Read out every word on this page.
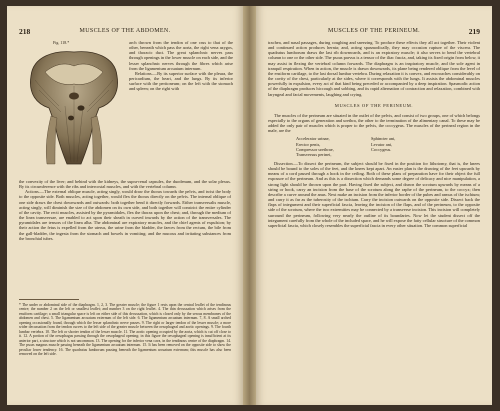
218	MUSCLES OF THE ABDOMEN.
Fig. 118.*	arch thrown from the tendon of one crus to that of the other, beneath which pass the aorta, the right vena azygos, and thoracic duct. The great splanchnic nerves pass through openings in the lower muscle on each side, and the lesser splanchnic nerves through the fibres which arise from the ligamentum arcuatum internum.

Relations.—By its superior surface with the pleura, the pericardium, the heart, and the lungs. By its inferior surface with the peritoneum; on the left with the stomach and spleen; on the right with

the convexity of the liver; and behind with the kidneys, the supra-renal capsules, the duodenum, and the solar plexus. By its circumference with the ribs and intercostal muscles, and with the vertebral column.

Actions.—The external oblique muscle, acting singly, would draw the thorax towards the pelvis, and twist the body to the opposite side. Both muscles, acting together, would flex the thorax directly on the pelvis. The internal oblique of one side draws the chest downwards and outwards: both together bend it directly forwards. Either transversalis muscle, acting singly, will diminish the size of the abdomen on its own side, and both together will constrict the entire cylinder of the cavity. The recti muscles, assisted by the pyramidales, flex the thorax upon the chest; and, through the medium of the linea transversae, are enabled to act upon their sheath in curved inwards by the action of the transversales. The pyramidales are tensors of the linea alba. The abdominal are expiratory muscles, and the chief agents of expulsion; by their action the fetus is expelled from the uterus, the urine from the bladder, the faeces from the rectum, the bile from the gall-bladder, the ingesta from the stomach and bowels in vomiting; and the mucous and irritating substances from the bronchial tubes.

* The under or abdominal side of the diaphragm. 1, 2, 3. The greater muscle; the figure 1 rests upon the central leaflet of the tendinous centre; the number 2 on the left or smallest leaflet; and number 3 on the right leaflet. 4. The thin decussation which arises from the ensiform cartilage; a small triangular space is left on either side of this decussation, which is closed only by the serous membranes of the abdomen and chest. 5. The ligamentum arcuatum externum of the left side. 6. The ligamentum arcuatum internum. 7, 8. A small arched opening occasionally found, through which the lesser splanchnic nerve passes. 9. The right or larger tendon of the lesser muscle; a more wider decussation from the tendon curves to the left side of the greater muscle between the oesophageal and aortic openings. 9. The fourth lumbar vertebra. 10. The left or shorter tendon of the lesser muscle. 11. The aortic opening occupied by the aorta, which is cut off close to it. 12. A portion of the oesophagus passing through the oesophageal opening; in this figure the oesophageal opening is insufficient at its anterior part, a structure which is not uncommon. 13. The opening for the inferior vena cava, in the tendinous centre of the diaphragm. 14. The psoas magnus muscle passing beneath the ligamentum arcuatum internum. 15. It has been removed on the opposite side to show the peculiar lower tendency. 16. The quadratus lumborum passing beneath the ligamentum arcuatum externum; this muscle has also been removed on the left side.

MUSCLES OF THE PERINEUM.	219

trachea, and nasal passages, during coughing and sneezing. To produce these effects they all act together. Their violent and continued action produces hernia; and, acting spasmodically, they may occasion rupture of the viscera. The quadratus lumborum draws the last rib downwards, and is an expiratory muscle; it also serves to bend the vertebral column to one or the other side. The psoas parvus is a tensor of the iliac fascia, and, taking its fixed origin from below, it may assist in flexing the vertebral column forwards. The diaphragm is an inspiratory muscle, and the sole agent in tranquil respiration. When in action, the muscle is drawn downwards, its plane being rendered oblique from the level of the ensiform cartilage, to the last dorsal lumbar vertebra. During relaxation it is convex, and encroaches considerably on the cavity of the chest, particularly at the sides, where it corresponds with the lungs. It assists the abdominal muscles powerfully in expulsion, every act of that kind being preceded or accompanied by a deep inspiration. Spasmodic action of the diaphragm produces hiccough and sobbing, and its rapid alternation of contraction and relaxation, combined with laryngeal and facial movements, laughing and crying.

MUSCLES OF THE PERINEUM.

The muscles of the perineum are situated in the outlet of the pelvis, and consist of two groups, one of which belongs especially to the organs of generation and urethra, the other to the termination of the alimentary canal. To these may be added the only pair of muscles which is proper to the pelvis, the coccygeus. The muscles of the perineal region in the male, are the

Accelerator urinae,	Sphincter ani,
Erector penis,	Levator ani,
Compressor urethrae,	Coccygeus.
Transversus perinei,

Dissection.—To dissect the perineum, the subject should be fixed in the position for lithotomy, that is, the knees should be bound to the soles of the feet, and the knees kept apart. An easier plan is the drawing of the feet upwards by means of a cord passed through a hook in the ceiling. Both of these plans of preparation have for their object the full exposure of the perineum. And as this is a dissection which demands some degree of delicacy and nice manipulation, a strong light should be thrown upon the part. Having fixed the subject, and drawn the scrotum upwards by means of a string or hook, carry an incision from the base of the scrotum along the raphe of the perineum, to the coccyx; then describe a curve around the anus. Next make an incision from the inferior border of the pubes and ramus of the ischium; and carry it as far as the tuberosity of the ischium. Carry the incision outwards on the opposite side. Dissect back the flaps of integument and their superficial fascia, leaving the incision of the flaps, and of the perineum, to the opposite side of the scrotum, where the two extremities may be connected by a transverse incision. This incision will completely surround the perineum, following very nearly the outline of its boundaries. Now let the student dissect off the integument carefully from the whole of the included space, and he will expose the fatty cellular structure of the common superficial fascia, which closely resembles the superficial fascia in every other situation. The common superficial
